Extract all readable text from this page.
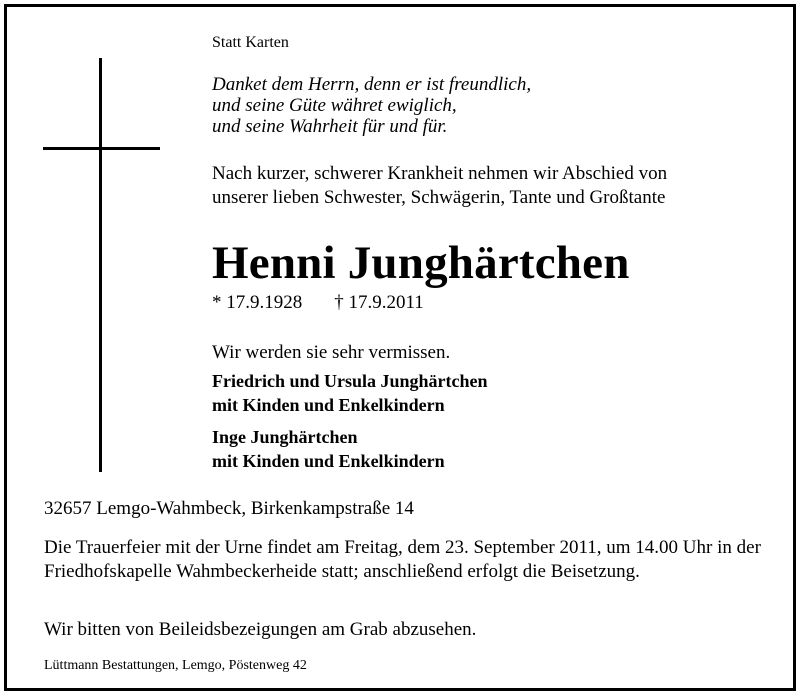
Statt Karten
Danket dem Herrn, denn er ist freundlich,
und seine Güte währet ewiglich,
und seine Wahrheit für und für.
Nach kurzer, schwerer Krankheit nehmen wir Abschied von
unserer lieben Schwester, Schwägerin, Tante und Großtante
Henni Junghärtchen
* 17.9.1928 † 17.9.2011
Wir werden sie sehr vermissen.
Friedrich und Ursula Junghärtchen
mit Kinden und Enkelkindern
Inge Junghärtchen
mit Kinden und Enkelkindern
32657 Lemgo-Wahmbeck, Birkenkampstraße 14
Die Trauerfeier mit der Urne findet am Freitag, dem 23. September 2011, um 14.00 Uhr in der Friedhofskapelle Wahmbeckerheide statt; anschließend erfolgt die Beisetzung.
Wir bitten von Beileidsbezeigungen am Grab abzusehen.
Lüttmann Bestattungen, Lemgo, Pöstenweg 42
